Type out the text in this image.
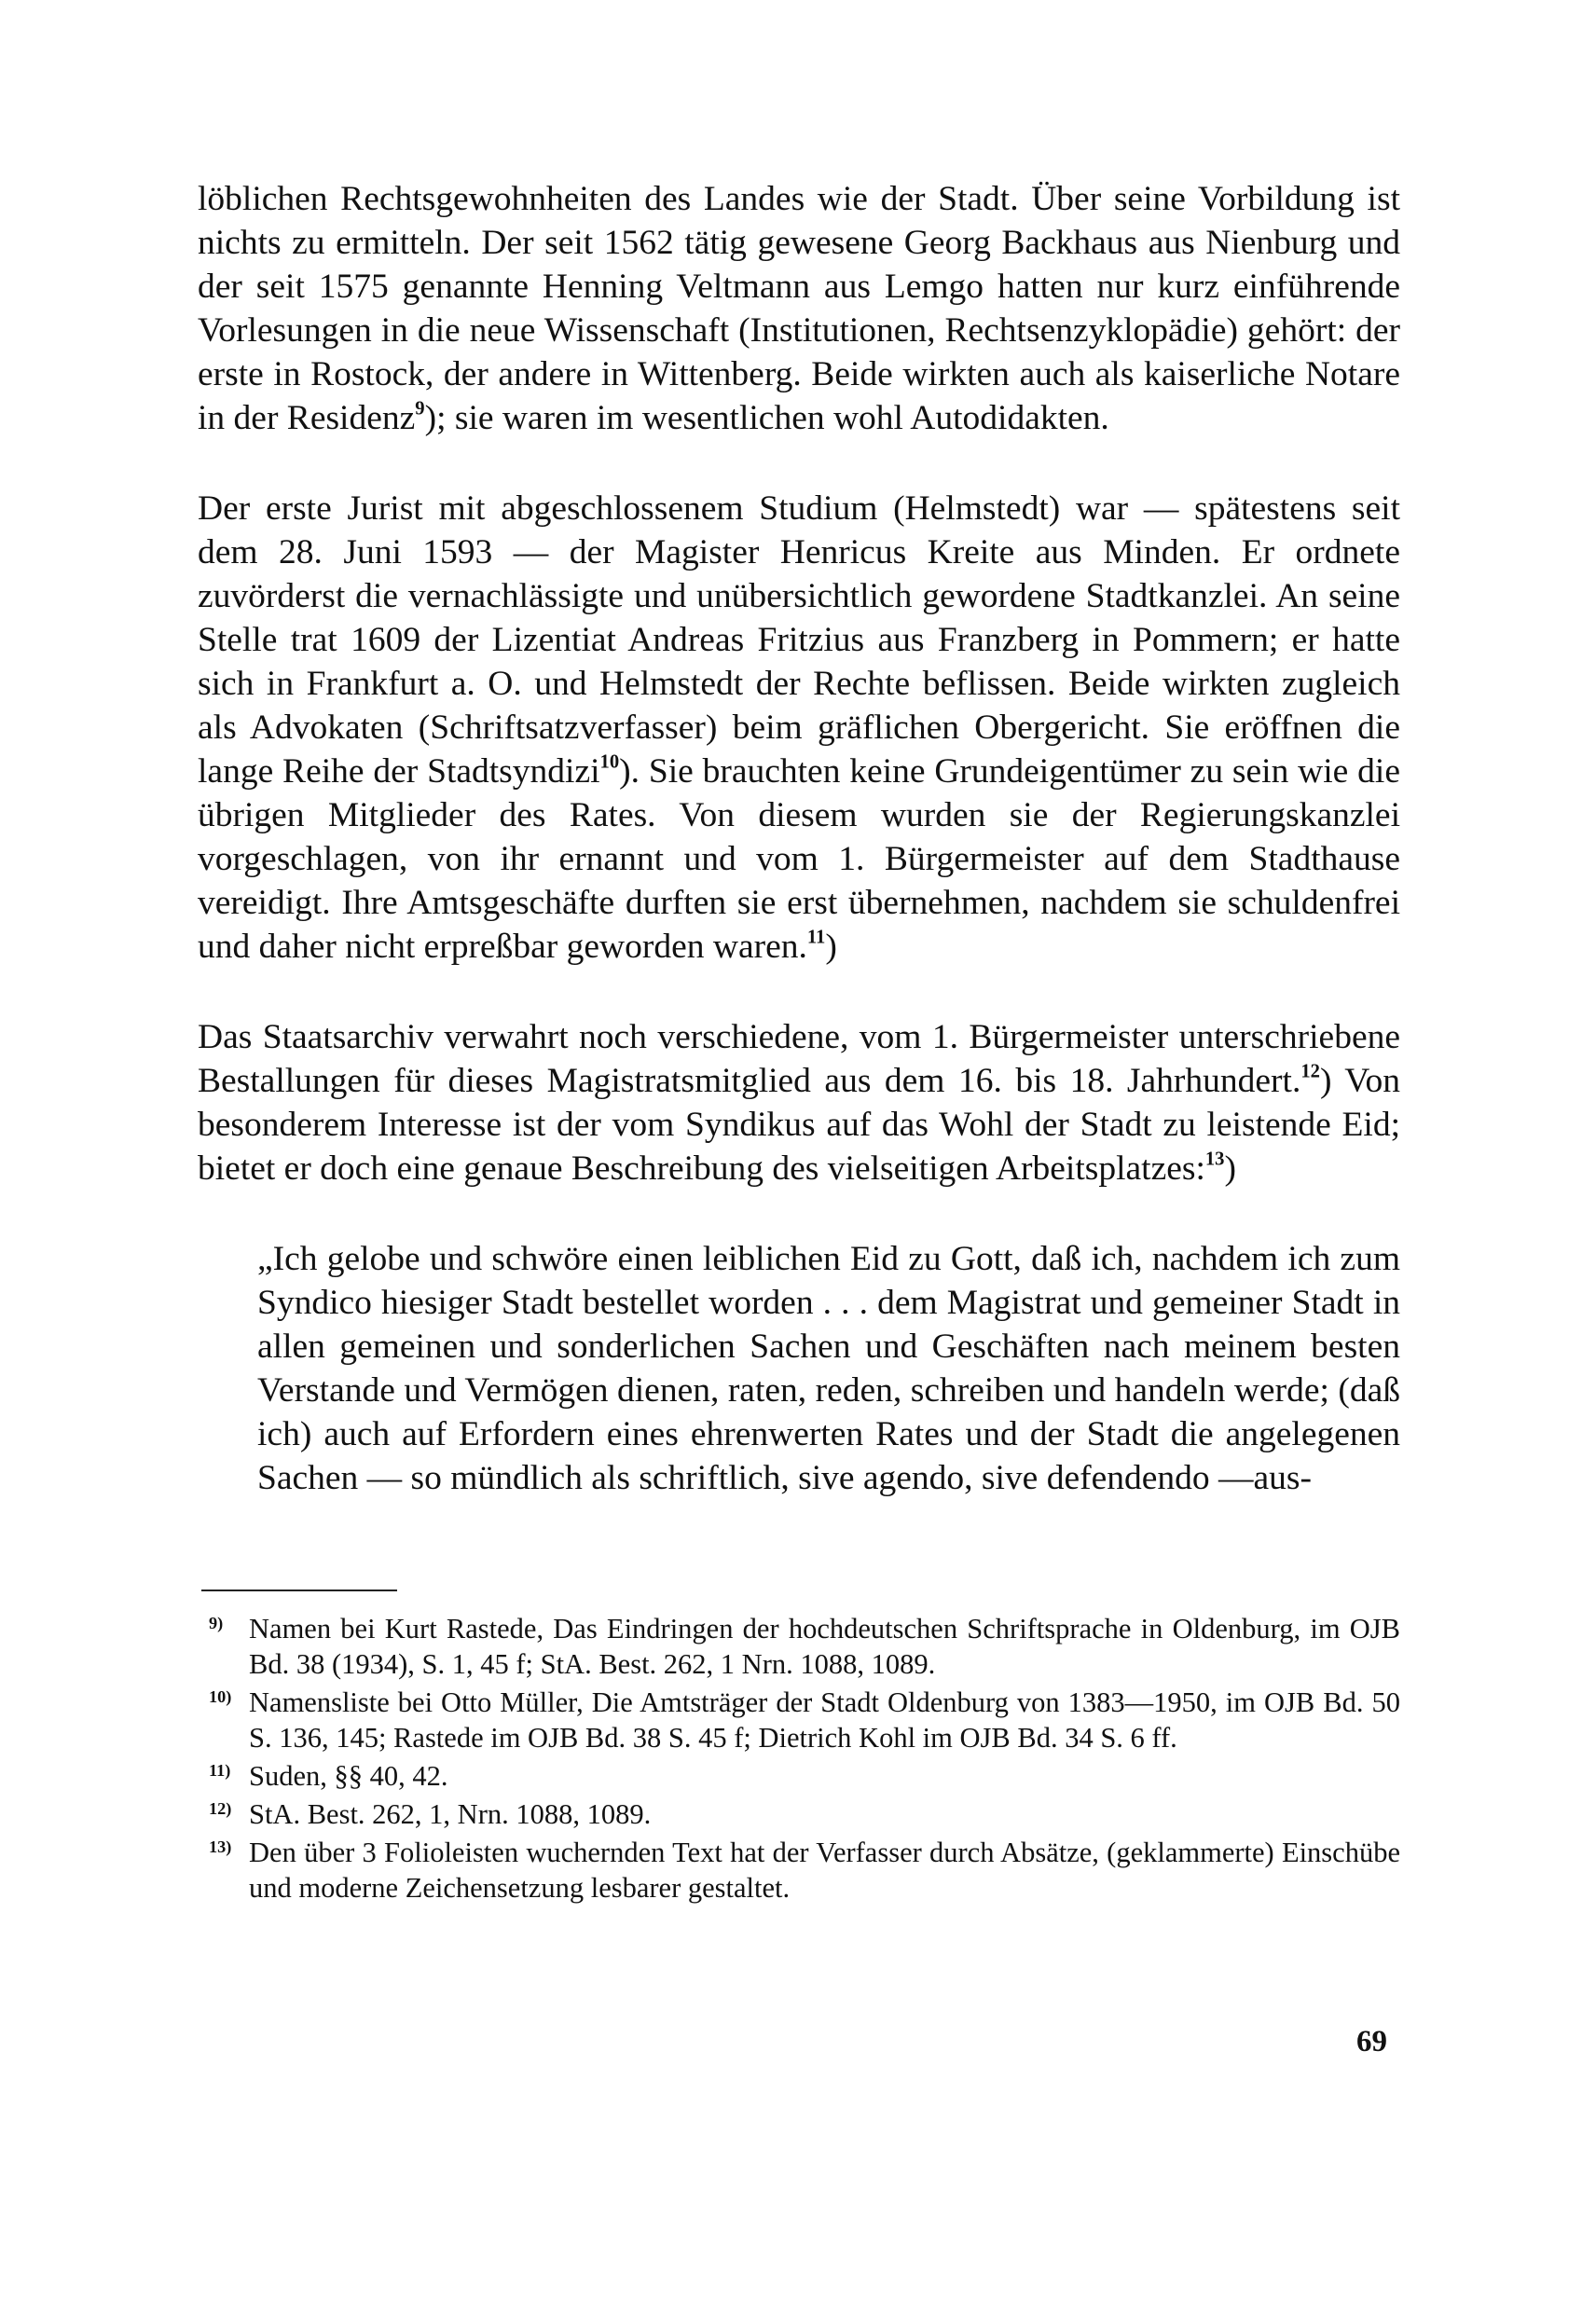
löblichen Rechtsgewohnheiten des Landes wie der Stadt. Über seine Vorbildung ist nichts zu ermitteln. Der seit 1562 tätig gewesene Georg Backhaus aus Nienburg und der seit 1575 genannte Henning Veltmann aus Lemgo hatten nur kurz einführende Vorlesungen in die neue Wissenschaft (Institutionen, Rechtsenzyklopädie) gehört: der erste in Rostock, der andere in Wittenberg. Beide wirkten auch als kaiserliche Notare in der Residenz$^9$); sie waren im wesentlichen wohl Autodidakten.

Der erste Jurist mit abgeschlossenem Studium (Helmstedt) war — spätestens seit dem 28. Juni 1593 — der Magister Henricus Kreite aus Minden. Er ordnete zuvörderst die vernachlässigte und unübersichtlich gewordene Stadtkanzlei. An seine Stelle trat 1609 der Lizentiat Andreas Fritzius aus Franzberg in Pommern; er hatte sich in Frankfurt a. O. und Helmstedt der Rechte beflissen. Beide wirkten zugleich als Advokaten (Schriftsatzverfasser) beim gräflichen Obergericht. Sie eröffnen die lange Reihe der Stadtsyndizi$^{10}$). Sie brauchten keine Grundeigentümer zu sein wie die übrigen Mitglieder des Rates. Von diesem wurden sie der Regierungskanzlei vorgeschlagen, von ihr ernannt und vom 1. Bürgermeister auf dem Stadthause vereidigt. Ihre Amtsgeschäfte durften sie erst übernehmen, nachdem sie schuldenfrei und daher nicht erpreßbar geworden waren.$^{11}$)

Das Staatsarchiv verwahrt noch verschiedene, vom 1. Bürgermeister unterschriebene Bestallungen für dieses Magistratsmitglied aus dem 16. bis 18. Jahrhundert.$^{12}$) Von besonderem Interesse ist der vom Syndikus auf das Wohl der Stadt zu leistende Eid; bietet er doch eine genaue Beschreibung des vielseitigen Arbeitsplatzes:$^{13}$)

„Ich gelobe und schwöre einen leiblichen Eid zu Gott, daß ich, nachdem ich zum Syndico hiesiger Stadt bestellet worden . . . dem Magistrat und gemeiner Stadt in allen gemeinen und sonderlichen Sachen und Geschäften nach meinem besten Verstande und Vermögen dienen, raten, reden, schreiben und handeln werde; (daß ich) auch auf Erfordern eines ehrenwerten Rates und der Stadt die angelegenen Sachen — so mündlich als schriftlich, sive agendo, sive defendendo —aus-

9) Namen bei Kurt Rastede, Das Eindringen der hochdeutschen Schriftsprache in Oldenburg, im OJB Bd. 38 (1934), S. 1, 45 f; StA. Best. 262, 1 Nrn. 1088, 1089.
10) Namensliste bei Otto Müller, Die Amtsträger der Stadt Oldenburg von 1383—1950, im OJB Bd. 50 S. 136, 145; Rastede im OJB Bd. 38 S. 45 f; Dietrich Kohl im OJB Bd. 34 S. 6 ff.
11) Suden, §§ 40, 42.
12) StA. Best. 262, 1, Nrn. 1088, 1089.
13) Den über 3 Folioleisten wuchernden Text hat der Verfasser durch Absätze, (geklammerte) Einschübe und moderne Zeichensetzung lesbarer gestaltet.
69
